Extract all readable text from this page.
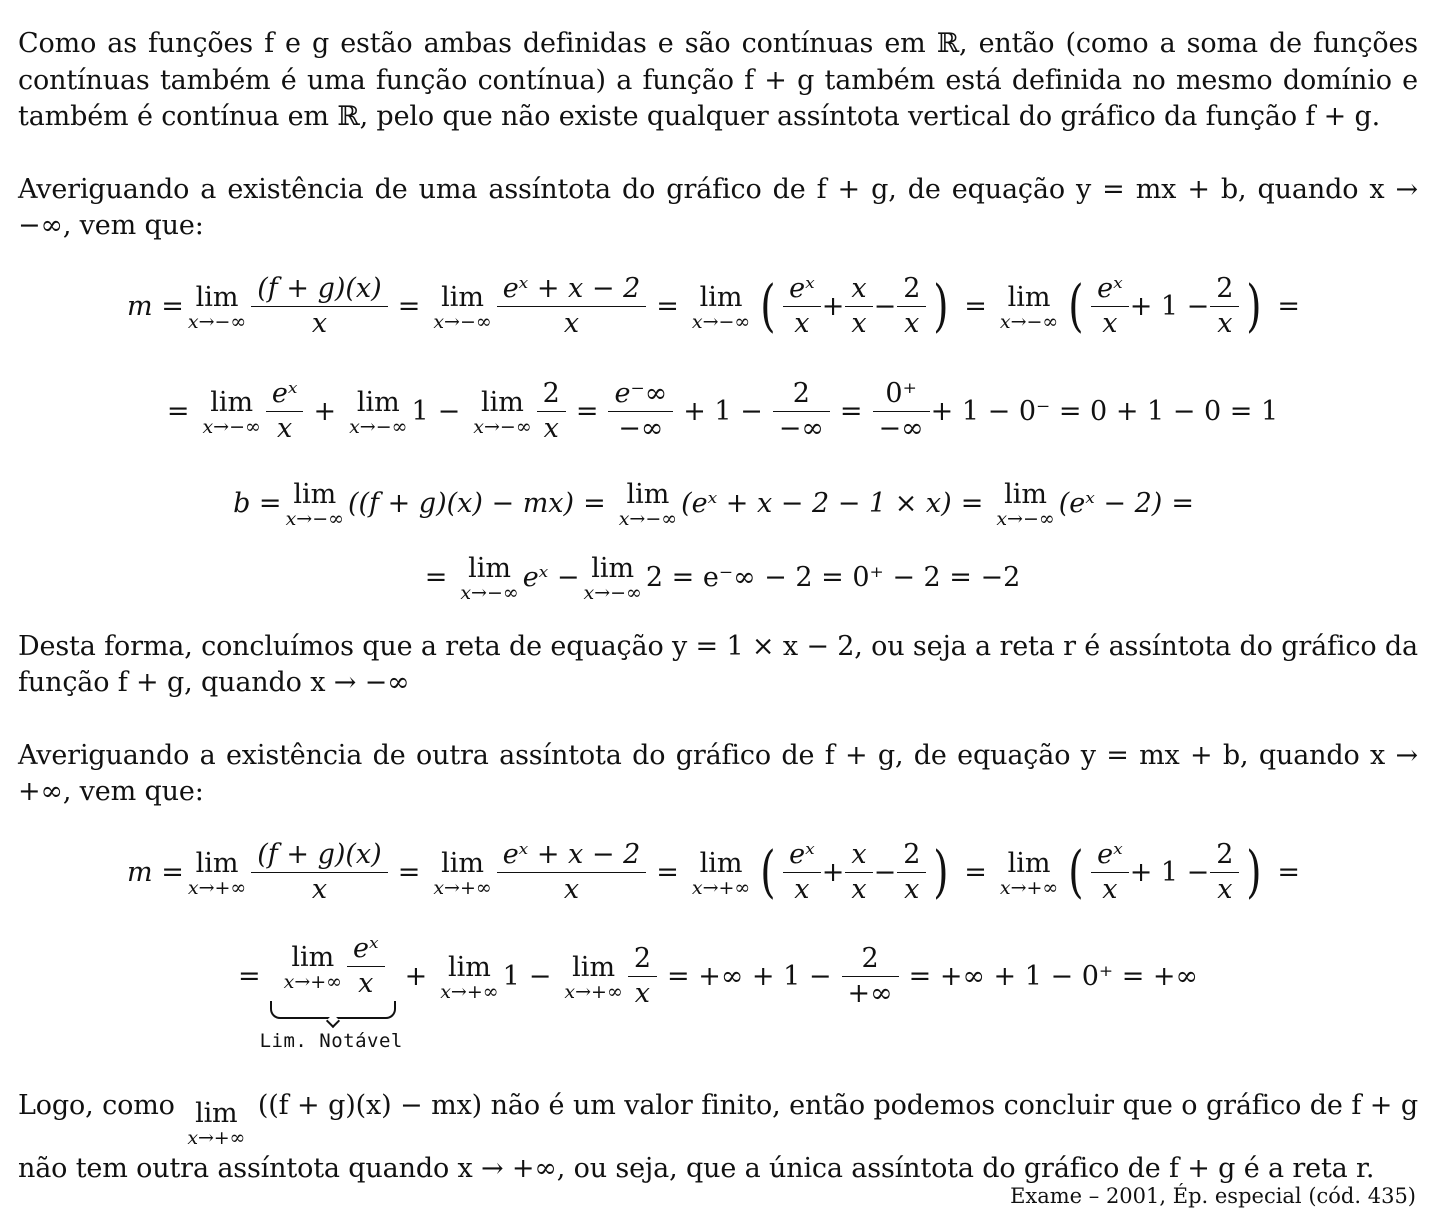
Como as funções f e g estão ambas definidas e são contínuas em ℝ, então (como a soma de funções contínuas também é uma função contínua) a função f + g também está definida no mesmo domínio e também é contínua em ℝ, pelo que não existe qualquer assíntota vertical do gráfico da função f + g.

Averiguando a existência de uma assíntota do gráfico de f + g, de equação y = mx + b, quando x → −∞, vem que:

m = lim
$x\to-\infty \frac{(f + g)(x)}{x} = \lim$
$x\to-\infty \frac{\text{eˣ + x − 2}}{x} = \lim$
x→−∞ ( $\frac{\text{eˣ}}{x} + \frac{x}{x} - \frac{2}{x}$ ) = lim
x→−∞ ( $\frac{\text{eˣ}}{x} + 1 - \frac{2}{x}$ ) =
= lim
$x\to-\infty \frac{\text{eˣ}}{x} + \lim$
x→−∞ 1 − lim
$x\to-\infty \frac{2}{x} = \frac{e^-\infty}{-\infty} + 1 - \frac{2}{-\infty} = \frac{0^+}{-\infty} + 1 - 0^- = 0 + 1 - 0 = 1$
b = lim
x→−∞ ((f + g)(x) − mx) = lim
x→−∞ (eˣ + x − 2 − 1 × x) = lim
x→−∞ (eˣ − 2) =
= lim
x→−∞ eˣ − lim
x→−∞ 2 = e⁻∞ − 2 = 0⁺ − 2 = −2

Desta forma, concluímos que a reta de equação y = 1 × x − 2, ou seja a reta r é assíntota do gráfico da função f + g, quando x → −∞

Averiguando a existência de outra assíntota do gráfico de f + g, de equação y = mx + b, quando x → +∞, vem que:

m = lim
$x\to+\infty \frac{(f + g)(x)}{x} = \lim$
$x\to+\infty \frac{\text{eˣ + x − 2}}{x} = \lim$
x→+∞ ( $\frac{\text{eˣ}}{x} + \frac{x}{x} - \frac{2}{x}$ ) = lim
x→+∞ ( $\frac{\text{eˣ}}{x} + 1 - \frac{2}{x}$ ) =
=
lim
$x\to+\infty \frac{\text{eˣ}}{x}$
Lim. Notável
+ lim
x→+∞ 1 − lim
$x\to+\infty \frac{2}{x}$ = +∞ + $1 - \frac{2}{+\infty}$ = +∞ + 1 − 0⁺ = +∞
Logo, como lim
x→+∞
((f + g)(x) − mx) não é um valor finito, então podemos concluir que o gráfico de f + g não tem outra assíntota quando x → +∞, ou seja, que a única assíntota do gráfico de f + g é a reta r.
Exame – 2001, Ép. especial (cód. 435)
